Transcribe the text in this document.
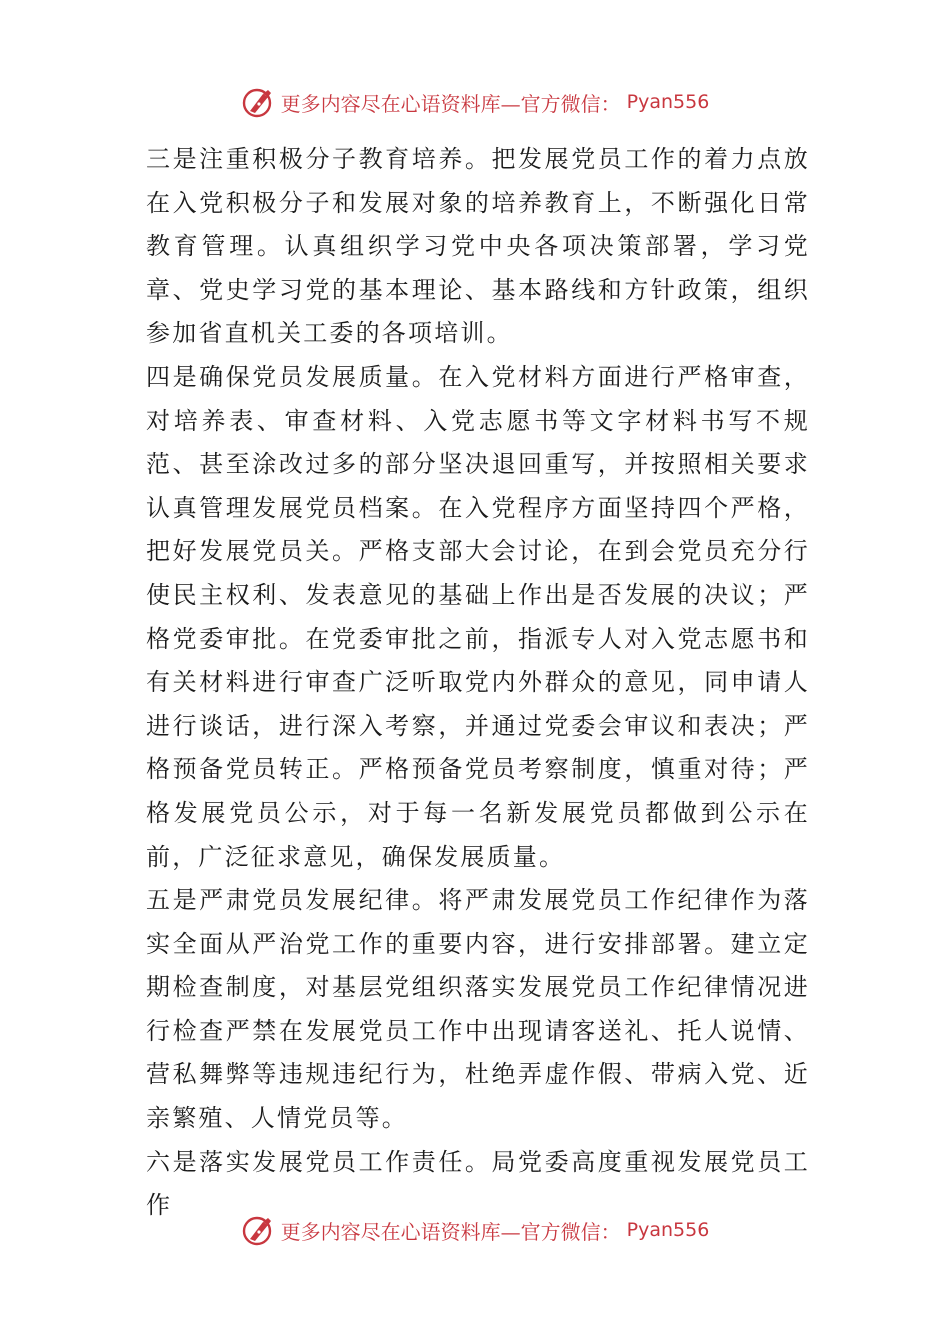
更多内容尽在心语资料库—官方微信： Pyan556

三是注重积极分子教育培养。把发展党员工作的着力点放在入党积极分子和发展对象的培养教育上，不断强化日常教育管理。认真组织学习党中央各项决策部署，学习党章、党史学习党的基本理论、基本路线和方针政策，组织参加省直机关工委的各项培训。

四是确保党员发展质量。在入党材料方面进行严格审查，对培养表、审查材料、入党志愿书等文字材料书写不规范、甚至涂改过多的部分坚决退回重写，并按照相关要求认真管理发展党员档案。在入党程序方面坚持四个严格，把好发展党员关。严格支部大会讨论，在到会党员充分行使民主权利、发表意见的基础上作出是否发展的决议；严格党委审批。在党委审批之前，指派专人对入党志愿书和有关材料进行审查广泛听取党内外群众的意见，同申请人进行谈话，进行深入考察，并通过党委会审议和表决；严格预备党员转正。严格预备党员考察制度，慎重对待；严格发展党员公示，对于每一名新发展党员都做到公示在前，广泛征求意见，确保发展质量。

五是严肃党员发展纪律。将严肃发展党员工作纪律作为落实全面从严治党工作的重要内容，进行安排部署。建立定期检查制度，对基层党组织落实发展党员工作纪律情况进行检查严禁在发展党员工作中出现请客送礼、托人说情、营私舞弊等违规违纪行为，杜绝弄虚作假、带病入党、近亲繁殖、人情党员等。

六是落实发展党员工作责任。局党委高度重视发展党员工作

更多内容尽在心语资料库—官方微信： Pyan556
